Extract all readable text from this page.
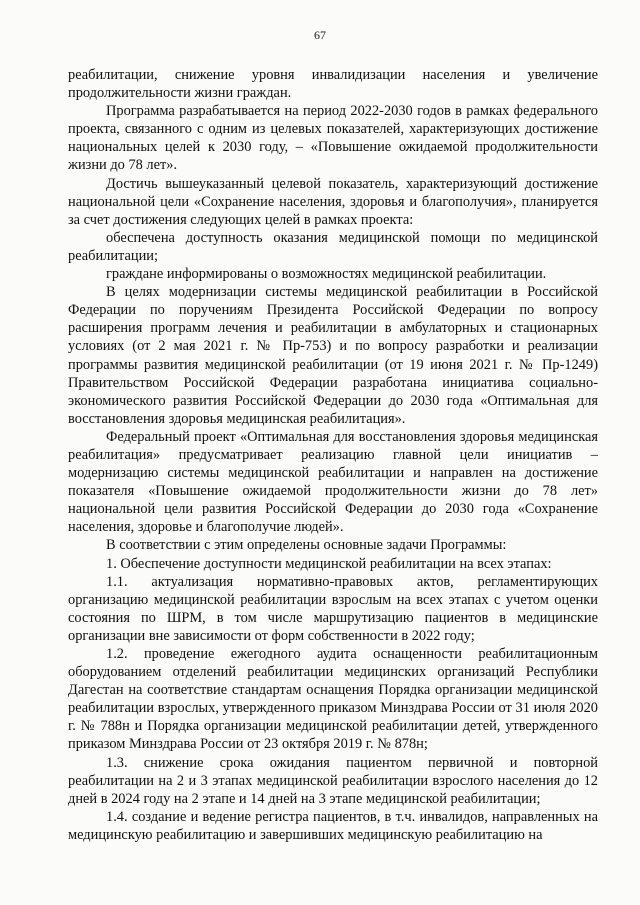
67

реабилитации, снижение уровня инвалидизации населения и увеличение продолжительности жизни граждан.

Программа разрабатывается на период 2022-2030 годов в рамках федерального проекта, связанного с одним из целевых показателей, характеризующих достижение национальных целей к 2030 году, – «Повышение ожидаемой продолжительности жизни до 78 лет».

Достичь вышеуказанный целевой показатель, характеризующий достижение национальной цели «Сохранение населения, здоровья и благополучия», планируется за счет достижения следующих целей в рамках проекта:

обеспечена доступность оказания медицинской помощи по медицинской реабилитации;

граждане информированы о возможностях медицинской реабилитации.

В целях модернизации системы медицинской реабилитации в Российской Федерации по поручениям Президента Российской Федерации по вопросу расширения программ лечения и реабилитации в амбулаторных и стационарных условиях (от 2 мая 2021 г. № Пр-753) и по вопросу разработки и реализации программы развития медицинской реабилитации (от 19 июня 2021 г. № Пр-1249) Правительством Российской Федерации разработана инициатива социально-экономического развития Российской Федерации до 2030 года «Оптимальная для восстановления здоровья медицинская реабилитация».

Федеральный проект «Оптимальная для восстановления здоровья медицинская реабилитация» предусматривает реализацию главной цели инициатив – модернизацию системы медицинской реабилитации и направлен на достижение показателя «Повышение ожидаемой продолжительности жизни до 78 лет» национальной цели развития Российской Федерации до 2030 года «Сохранение населения, здоровье и благополучие людей».

В соответствии с этим определены основные задачи Программы:

1. Обеспечение доступности медицинской реабилитации на всех этапах:

1.1. актуализация нормативно-правовых актов, регламентирующих организацию медицинской реабилитации взрослым на всех этапах с учетом оценки состояния по ШРМ, в том числе маршрутизацию пациентов в медицинские организации вне зависимости от форм собственности в 2022 году;

1.2. проведение ежегодного аудита оснащенности реабилитационным оборудованием отделений реабилитации медицинских организаций Республики Дагестан на соответствие стандартам оснащения Порядка организации медицинской реабилитации взрослых, утвержденного приказом Минздрава России от 31 июля 2020 г. № 788н и Порядка организации медицинской реабилитации детей, утвержденного приказом Минздрава России от 23 октября 2019 г. № 878н;

1.3. снижение срока ожидания пациентом первичной и повторной реабилитации на 2 и 3 этапах медицинской реабилитации взрослого населения до 12 дней в 2024 году на 2 этапе и 14 дней на 3 этапе медицинской реабилитации;

1.4. создание и ведение регистра пациентов, в т.ч. инвалидов, направленных на медицинскую реабилитацию и завершивших медицинскую реабилитацию на
